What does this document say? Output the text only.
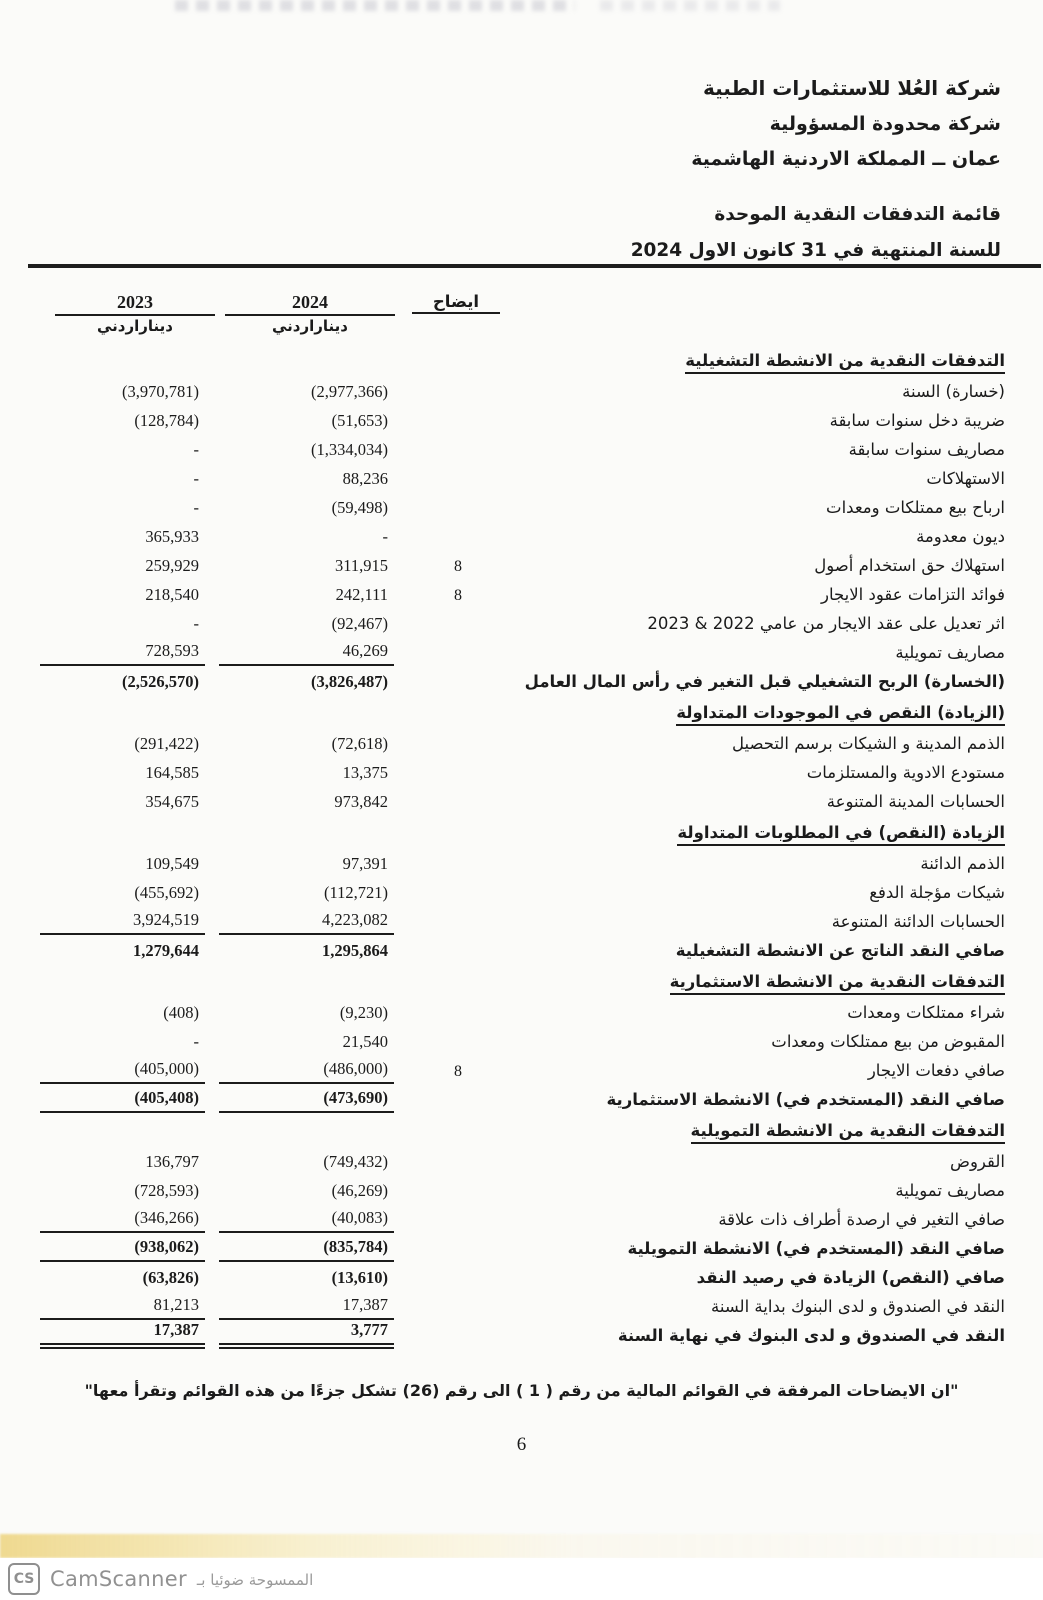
شركة العُلا للاستثمارات الطبية
شركة محدودة المسؤولية
عمان ــ المملكة الاردنية الهاشمية
قائمة التدفقات النقدية الموحدة
للسنة المنتهية في 31 كانون الاول 2024
2023
ديناراردني
2024
ديناراردني
ايضاح
التدفقات النقدية من الانشطة التشغيلية
(خسارة) السنة
(2,977,366)
(3,970,781)
ضريبة دخل سنوات سابقة
(51,653)
(128,784)
مصاريف سنوات سابقة
(1,334,034)
-
الاستهلاكات
88,236
-
ارباح بيع ممتلكات ومعدات
(59,498)
-
ديون معدومة
-
365,933
استهلاك حق استخدام أصول
8
311,915
259,929
فوائد التزامات عقود الايجار
8
242,111
218,540
اثر تعديل على عقد الايجار من عامي 2022 & 2023
(92,467)
-
مصاريف تمويلية
46,269
728,593
(الخسارة) الربح التشغيلي قبل التغير في رأس المال العامل
(3,826,487)
(2,526,570)
(الزيادة) النقص في الموجودات المتداولة
الذمم المدينة و الشيكات برسم التحصيل
(72,618)
(291,422)
مستودع الادوية والمستلزمات
13,375
164,585
الحسابات المدينة المتنوعة
973,842
354,675
الزيادة (النقص) في المطلوبات المتداولة
الذمم الدائنة
97,391
109,549
شيكات مؤجلة الدفع
(112,721)
(455,692)
الحسابات الدائنة المتنوعة
4,223,082
3,924,519
صافي النقد الناتج عن الانشطة التشغيلية
1,295,864
1,279,644
التدفقات النقدية من الانشطة الاستثمارية
شراء ممتلكات ومعدات
(9,230)
(408)
المقبوض من بيع ممتلكات ومعدات
21,540
-
صافي دفعات الايجار
8
(486,000)
(405,000)
صافي النقد (المستخدم في) الانشطة الاستثمارية
(473,690)
(405,408)
التدفقات النقدية من الانشطة التمويلية
القروض
(749,432)
136,797
مصاريف تمويلية
(46,269)
(728,593)
صافي التغير في ارصدة أطراف ذات علاقة
(40,083)
(346,266)
صافي النقد (المستخدم في) الانشطة التمويلية
(835,784)
(938,062)
صافي (النقص) الزيادة في رصيد النقد
(13,610)
(63,826)
النقد في الصندوق و لدى البنوك بداية السنة
17,387
81,213
النقد في الصندوق و لدى البنوك في نهاية السنة
3,777
17,387
"ان الايضاحات المرفقة في القوائم المالية من رقم ( 1 ) الى رقم (26) تشكل جزءًا من هذه القوائم وتقرأ معها"
6
CS CamScanner الممسوحة ضوئيا بـ
